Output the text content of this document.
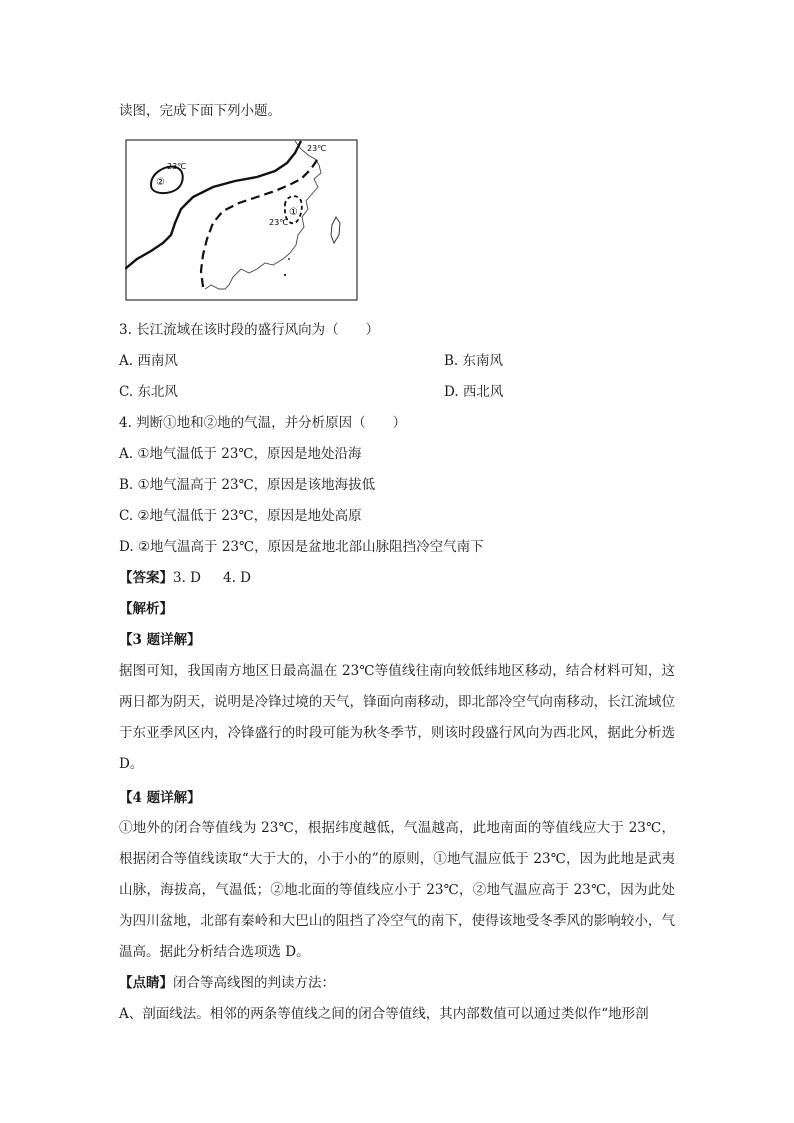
读图，完成下面下列小题。
23℃
23℃
23℃
①
②
3. 长江流域在该时段的盛行风向为（　　）
A. 西南风	B. 东南风
C. 东北风	D. 西北风
4. 判断①地和②地的气温，并分析原因（　　）
A. ①地气温低于 23℃，原因是地处沿海
B. ①地气温高于 23℃，原因是该地海拔低
C. ②地气温低于 23℃，原因是地处高原
D. ②地气温高于 23℃，原因是盆地北部山脉阻挡冷空气南下
【答案】3. D 4. D
【解析】
【3 题详解】

据图可知，我国南方地区日最高温在 23℃等值线往南向较低纬地区移动，结合材料可知，这两日都为阴天，说明是冷锋过境的天气，锋面向南移动，即北部冷空气向南移动，长江流域位于东亚季风区内，冷锋盛行的时段可能为秋冬季节，则该时段盛行风向为西北风，据此分析选 D。

【4 题详解】

①地外的闭合等值线为 23℃，根据纬度越低，气温越高，此地南面的等值线应大于 23℃，根据闭合等值线读取“大于大的，小于小的”的原则，①地气温应低于 23℃，因为此地是武夷山脉，海拔高，气温低；②地北面的等值线应小于 23℃，②地气温应高于 23℃，因为此处为四川盆地，北部有秦岭和大巴山的阻挡了冷空气的南下，使得该地受冬季风的影响较小，气温高。据此分析结合选项选 D。

【点睛】闭合等高线图的判读方法：
A、剖面线法。相邻的两条等值线之间的闭合等值线，其内部数值可以通过类似作“地形剖
